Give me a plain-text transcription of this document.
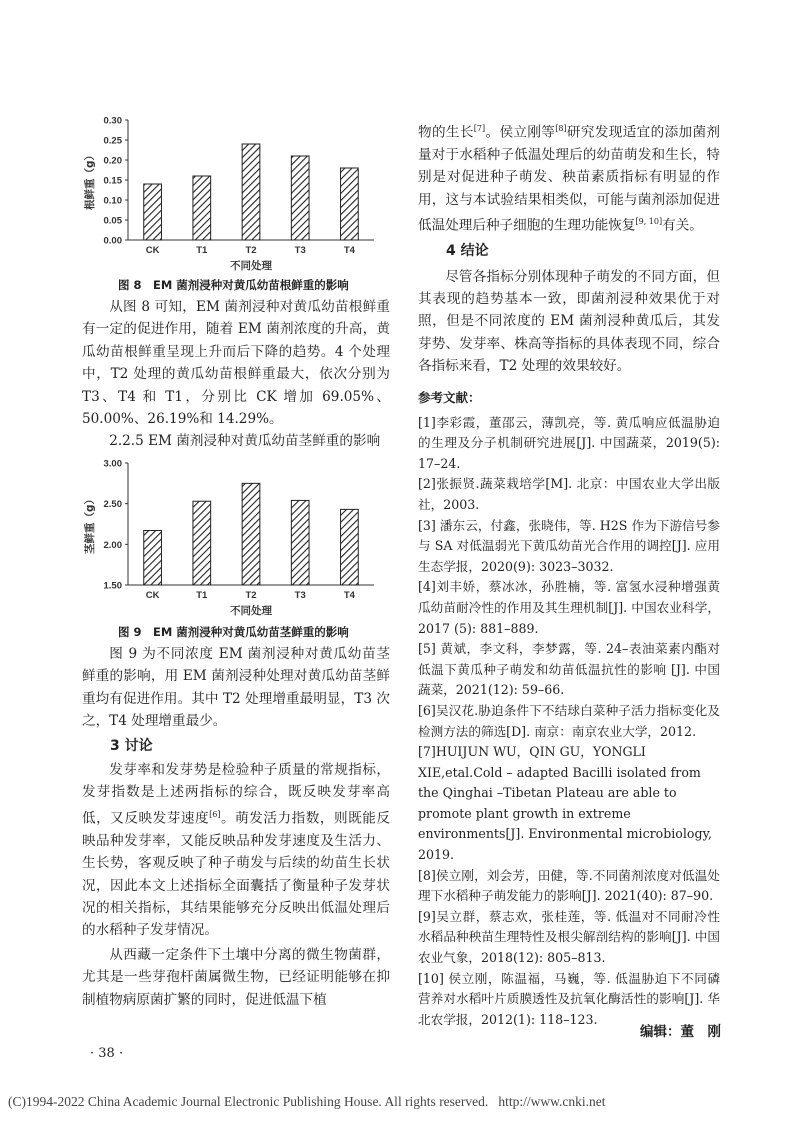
0.00
0.05
0.10
0.15
0.20
0.25
0.30
CK	T1	T2	T3	T4
不同处理
根鲜重（g）
图 8　EM 菌剂浸种对黄瓜幼苗根鲜重的影响

从图 8 可知，EM 菌剂浸种对黄瓜幼苗根鲜重有一定的促进作用，随着 EM 菌剂浓度的升高，黄瓜幼苗根鲜重呈现上升而后下降的趋势。4 个处理中，T2 处理的黄瓜幼苗根鲜重最大，依次分别为 T3、T4 和 T1，分别比 CK 增加 69.05%、50.00%、26.19%和 14.29%。

2.2.5 EM 菌剂浸种对黄瓜幼苗茎鲜重的影响

1.50
2.00
2.50
3.00
CK	T1	T2	T3	T4
不同处理
茎鲜重（g）
图 9　EM 菌剂浸种对黄瓜幼苗茎鲜重的影响

图 9 为不同浓度 EM 菌剂浸种对黄瓜幼苗茎鲜重的影响，用 EM 菌剂浸种处理对黄瓜幼苗茎鲜重均有促进作用。其中 T2 处理增重最明显，T3 次之，T4 处理增重最少。

3 讨论

发芽率和发芽势是检验种子质量的常规指标，发芽指数是上述两指标的综合，既反映发芽率高低，又反映发芽速度[6]。萌发活力指数，则既能反映品种发芽率，又能反映品种发芽速度及生活力、生长势，客观反映了种子萌发与后续的幼苗生长状况，因此本文上述指标全面囊括了衡量种子发芽状况的相关指标，其结果能够充分反映出低温处理后的水稻种子发芽情况。

从西藏一定条件下土壤中分离的微生物菌群，尤其是一些芽孢杆菌属微生物，已经证明能够在抑制植物病原菌扩繁的同时，促进低温下植

物的生长[7]。侯立刚等[8]研究发现适宜的添加菌剂量对于水稻种子低温处理后的幼苗萌发和生长，特别是对促进种子萌发、秧苗素质指标有明显的作用，这与本试验结果相类似，可能与菌剂添加促进低温处理后种子细胞的生理功能恢复[9, 10]有关。

4 结论

尽管各指标分别体现种子萌发的不同方面，但其表现的趋势基本一致，即菌剂浸种效果优于对照，但是不同浓度的 EM 菌剂浸种黄瓜后，其发芽势、发芽率、株高等指标的具体表现不同，综合各指标来看，T2 处理的效果较好。

参考文献：

[1]李彩霞，董邵云，薄凯亮，等. 黄瓜响应低温胁迫的生理及分子机制研究进展[J]. 中国蔬菜，2019(5): 17–24.

[2]张振贤.蔬菜栽培学[M]. 北京：中国农业大学出版社，2003.

[3] 潘东云，付鑫，张晓伟，等. H2S 作为下游信号参与 SA 对低温弱光下黄瓜幼苗光合作用的调控[J]. 应用生态学报，2020(9): 3023–3032.

[4]刘丰娇，蔡冰冰，孙胜楠，等. 富氢水浸种增强黄瓜幼苗耐冷性的作用及其生理机制[J]. 中国农业科学，2017 (5): 881–889.

[5] 黄斌，李文科，李梦露，等. 24–表油菜素内酯对低温下黄瓜种子萌发和幼苗低温抗性的影响 [J]. 中国蔬菜，2021(12): 59–66.

[6]吴汉花.胁迫条件下不结球白菜种子活力指标变化及检测方法的筛选[D]. 南京：南京农业大学，2012.

[7]HUIJUN WU，QIN GU，YONGLI XIE,etal.Cold – adapted Bacilli isolated from the Qinghai –Tibetan Plateau are able to promote plant growth in extreme environments[J]. Environmental microbiology, 2019.

[8]侯立刚，刘会芳，田健，等.不同菌剂浓度对低温处理下水稻种子萌发能力的影响[J]. 2021(40): 87–90.

[9]吴立群，蔡志欢，张桂莲，等. 低温对不同耐冷性水稻品种秧苗生理特性及根尖解剖结构的影响[J]. 中国农业气象，2018(12): 805–813.

[10] 侯立刚，陈温福，马巍，等. 低温胁迫下不同磷营养对水稻叶片质膜透性及抗氧化酶活性的影响[J]. 华北农学报，2012(1): 118–123.

编辑：董　刚
· 38 ·
(C)1994-2022 China Academic Journal Electronic Publishing House. All rights reserved.   http://www.cnki.net
